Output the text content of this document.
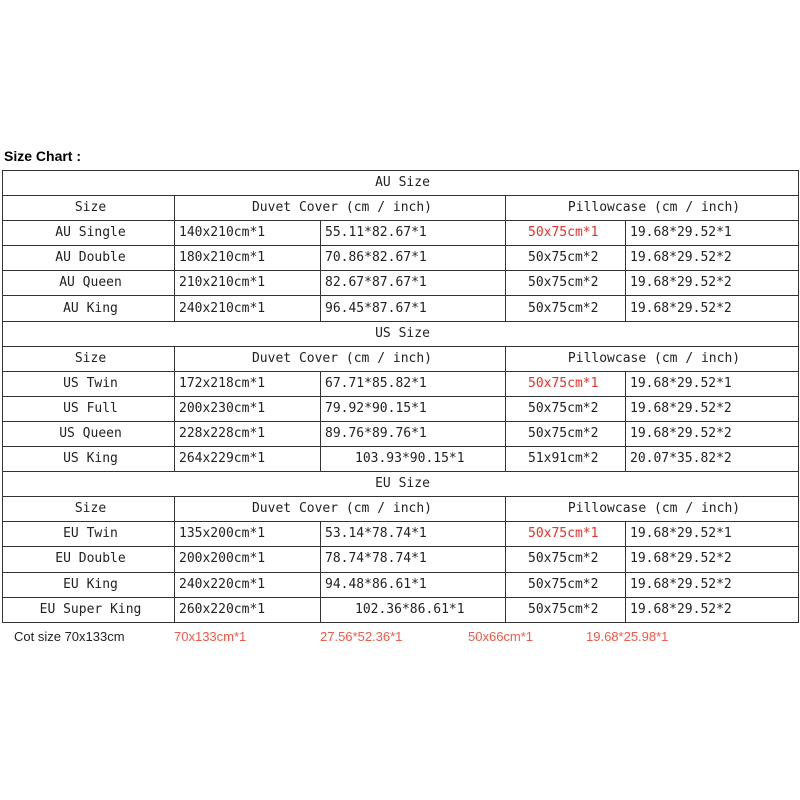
Size Chart :
AU Size				
Size	Duvet Cover (cm / inch)		Pillowcase (cm / inch)	
AU Single	140x210cm*1	55.11*82.67*1	50x75cm*1	19.68*29.52*1
AU Double	180x210cm*1	70.86*82.67*1	50x75cm*2	19.68*29.52*2
AU Queen	210x210cm*1	82.67*87.67*1	50x75cm*2	19.68*29.52*2
AU King	240x210cm*1	96.45*87.67*1	50x75cm*2	19.68*29.52*2
US Size				
Size	Duvet Cover (cm / inch)		Pillowcase (cm / inch)	
US Twin	172x218cm*1	67.71*85.82*1	50x75cm*1	19.68*29.52*1
US Full	200x230cm*1	79.92*90.15*1	50x75cm*2	19.68*29.52*2
US Queen	228x228cm*1	89.76*89.76*1	50x75cm*2	19.68*29.52*2
US King	264x229cm*1	103.93*90.15*1	51x91cm*2	20.07*35.82*2
EU Size				
Size	Duvet Cover (cm / inch)		Pillowcase (cm / inch)	
EU Twin	135x200cm*1	53.14*78.74*1	50x75cm*1	19.68*29.52*1
EU Double	200x200cm*1	78.74*78.74*1	50x75cm*2	19.68*29.52*2
EU King	240x220cm*1	94.48*86.61*1	50x75cm*2	19.68*29.52*2
EU Super King	260x220cm*1	102.36*86.61*1	50x75cm*2	19.68*29.52*2
Cot size 70x133cm	70x133cm*1	27.56*52.36*1	50x66cm*1	19.68*25.98*1
